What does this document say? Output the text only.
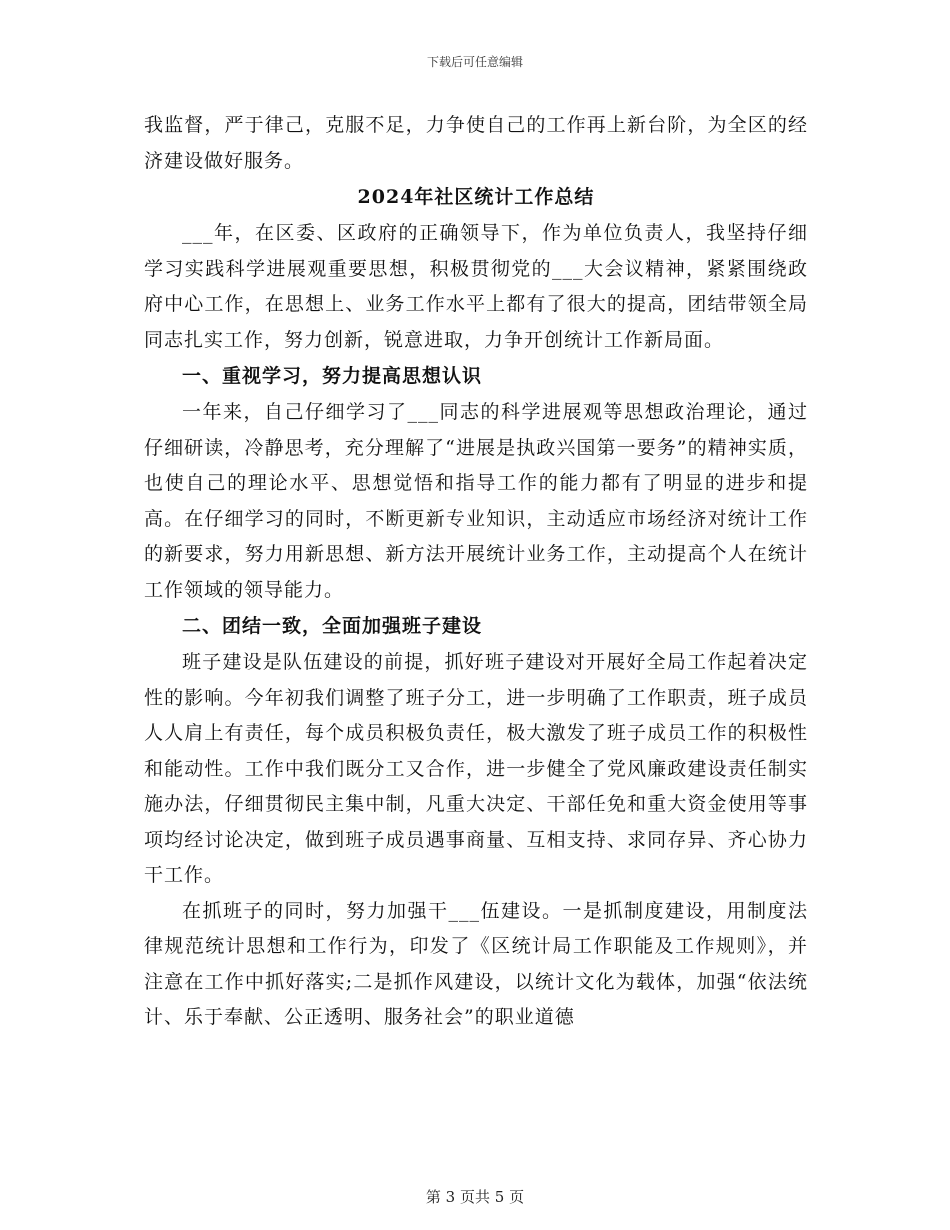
下载后可任意编辑

我监督，严于律己，克服不足，力争使自己的工作再上新台阶，为全区的经济建设做好服务。

2024年社区统计工作总结

___年，在区委、区政府的正确领导下，作为单位负责人，我坚持仔细学习实践科学进展观重要思想，积极贯彻党的___大会议精神，紧紧围绕政府中心工作，在思想上、业务工作水平上都有了很大的提高，团结带领全局同志扎实工作，努力创新，锐意进取，力争开创统计工作新局面。

一、重视学习，努力提高思想认识

一年来，自己仔细学习了___同志的科学进展观等思想政治理论，通过仔细研读，冷静思考，充分理解了“进展是执政兴国第一要务”的精神实质，也使自己的理论水平、思想觉悟和指导工作的能力都有了明显的进步和提高。在仔细学习的同时，不断更新专业知识，主动适应市场经济对统计工作的新要求，努力用新思想、新方法开展统计业务工作，主动提高个人在统计工作领域的领导能力。

二、团结一致，全面加强班子建设

班子建设是队伍建设的前提，抓好班子建设对开展好全局工作起着决定性的影响。今年初我们调整了班子分工，进一步明确了工作职责，班子成员人人肩上有责任，每个成员积极负责任，极大激发了班子成员工作的积极性和能动性。工作中我们既分工又合作，进一步健全了党风廉政建设责任制实施办法，仔细贯彻民主集中制，凡重大决定、干部任免和重大资金使用等事项均经讨论决定，做到班子成员遇事商量、互相支持、求同存异、齐心协力干工作。

在抓班子的同时，努力加强干___伍建设。一是抓制度建设，用制度法律规范统计思想和工作行为，印发了《区统计局工作职能及工作规则》，并注意在工作中抓好落实;二是抓作风建设，以统计文化为载体，加强“依法统计、乐于奉献、公正透明、服务社会”的职业道德

第 3 页共 5 页
